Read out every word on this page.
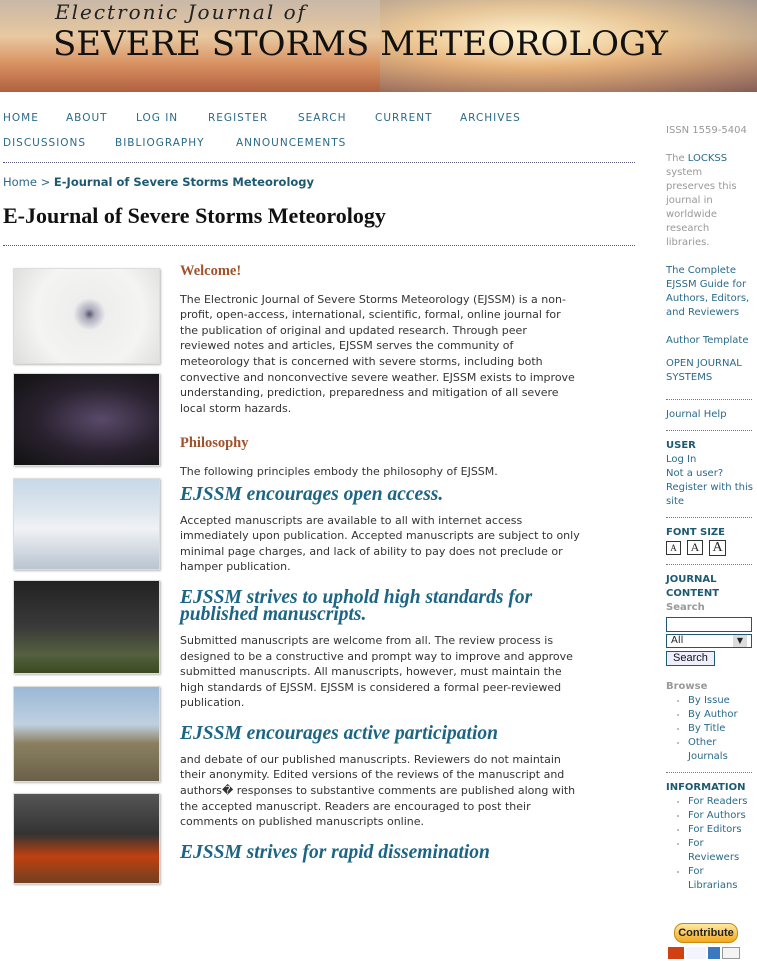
Electronic Journal of
SEVERE STORMS METEOROLOGY
HOME	ABOUT	LOG IN	REGISTER	SEARCH	CURRENT	ARCHIVES
DISCUSSIONS	BIBLIOGRAPHY	ANNOUNCEMENTS
Home > E-Journal of Severe Storms Meteorology
E-Journal of Severe Storms Meteorology
Welcome!

The Electronic Journal of Severe Storms Meteorology (EJSSM) is a non-profit, open-access, international, scientific, formal, online journal for the publication of original and updated research. Through peer reviewed notes and articles, EJSSM serves the community of meteorology that is concerned with severe storms, including both convective and nonconvective severe weather. EJSSM exists to improve understanding, prediction, preparedness and mitigation of all severe local storm hazards.

Philosophy

The following principles embody the philosophy of EJSSM.

EJSSM encourages open access.

Accepted manuscripts are available to all with internet access immediately upon publication. Accepted manuscripts are subject to only minimal page charges, and lack of ability to pay does not preclude or hamper publication.

EJSSM strives to uphold high standards for published manuscripts.

Submitted manuscripts are welcome from all. The review process is designed to be a constructive and prompt way to improve and approve submitted manuscripts. All manuscripts, however, must maintain the high standards of EJSSM. EJSSM is considered a formal peer-reviewed publication.

EJSSM encourages active participation

and debate of our published manuscripts. Reviewers do not maintain their anonymity. Edited versions of the reviews of the manuscript and authors� responses to substantive comments are published along with the accepted manuscript. Readers are encouraged to post their comments on published manuscripts online.

EJSSM strives for rapid dissemination
ISSN 1559-5404
The LOCKSS system preserves this journal in worldwide research libraries.
The Complete EJSSM Guide for Authors, Editors, and Reviewers
Author Template
OPEN JOURNAL SYSTEMS
Journal Help
USER
Log In
Not a user? Register with this site
FONT SIZE
A A A
JOURNAL CONTENT
Search
All	▼
Search
Browse
• By Issue
• By Author
• By Title
• Other Journals
INFORMATION
• For Readers
• For Authors
• For Editors
• For Reviewers
• For Librarians
Contribute
